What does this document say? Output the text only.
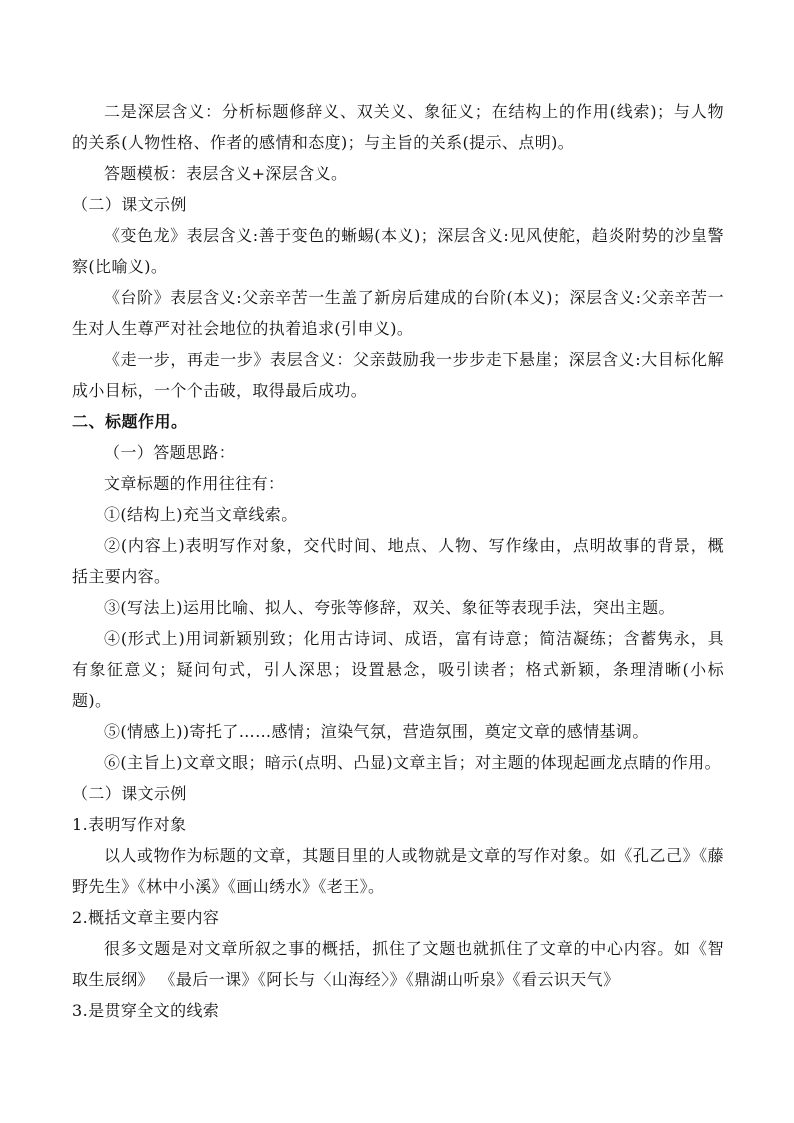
二是深层含义：分析标题修辞义、双关义、象征义；在结构上的作用(线索)；与人物的关系(人物性格、作者的感情和态度)；与主旨的关系(提示、点明)。

答题模板：表层含义+深层含义。

（二）课文示例

《变色龙》表层含义:善于变色的蜥蜴(本义)；深层含义:见风使舵，趋炎附势的沙皇警察(比喻义)。

《台阶》表层含义:父亲辛苦一生盖了新房后建成的台阶(本义)；深层含义:父亲辛苦一生对人生尊严对社会地位的执着追求(引申义)。

《走一步，再走一步》表层含义：父亲鼓励我一步步走下悬崖；深层含义:大目标化解成小目标，一个个击破，取得最后成功。

二、标题作用。

（一）答题思路：

文章标题的作用往往有：

①(结构上)充当文章线索。

②(内容上)表明写作对象，交代时间、地点、人物、写作缘由，点明故事的背景，概括主要内容。

③(写法上)运用比喻、拟人、夸张等修辞，双关、象征等表现手法，突出主题。

④(形式上)用词新颖别致；化用古诗词、成语，富有诗意；简洁凝练；含蓄隽永，具有象征意义；疑问句式，引人深思；设置悬念，吸引读者；格式新颖，条理清晰(小标题)。

⑤(情感上))寄托了……感情；渲染气氛，营造氛围，奠定文章的感情基调。

⑥(主旨上)文章文眼；暗示(点明、凸显)文章主旨；对主题的体现起画龙点睛的作用。

（二）课文示例

1.表明写作对象

以人或物作为标题的文章，其题目里的人或物就是文章的写作对象。如《孔乙己》《藤野先生》《林中小溪》《画山绣水》《老王》。

2.概括文章主要内容

很多文题是对文章所叙之事的概括，抓住了文题也就抓住了文章的中心内容。如《智取生辰纲》 《最后一课》《阿长与〈山海经〉》《鼎湖山听泉》《看云识天气》

3.是贯穿全文的线索
